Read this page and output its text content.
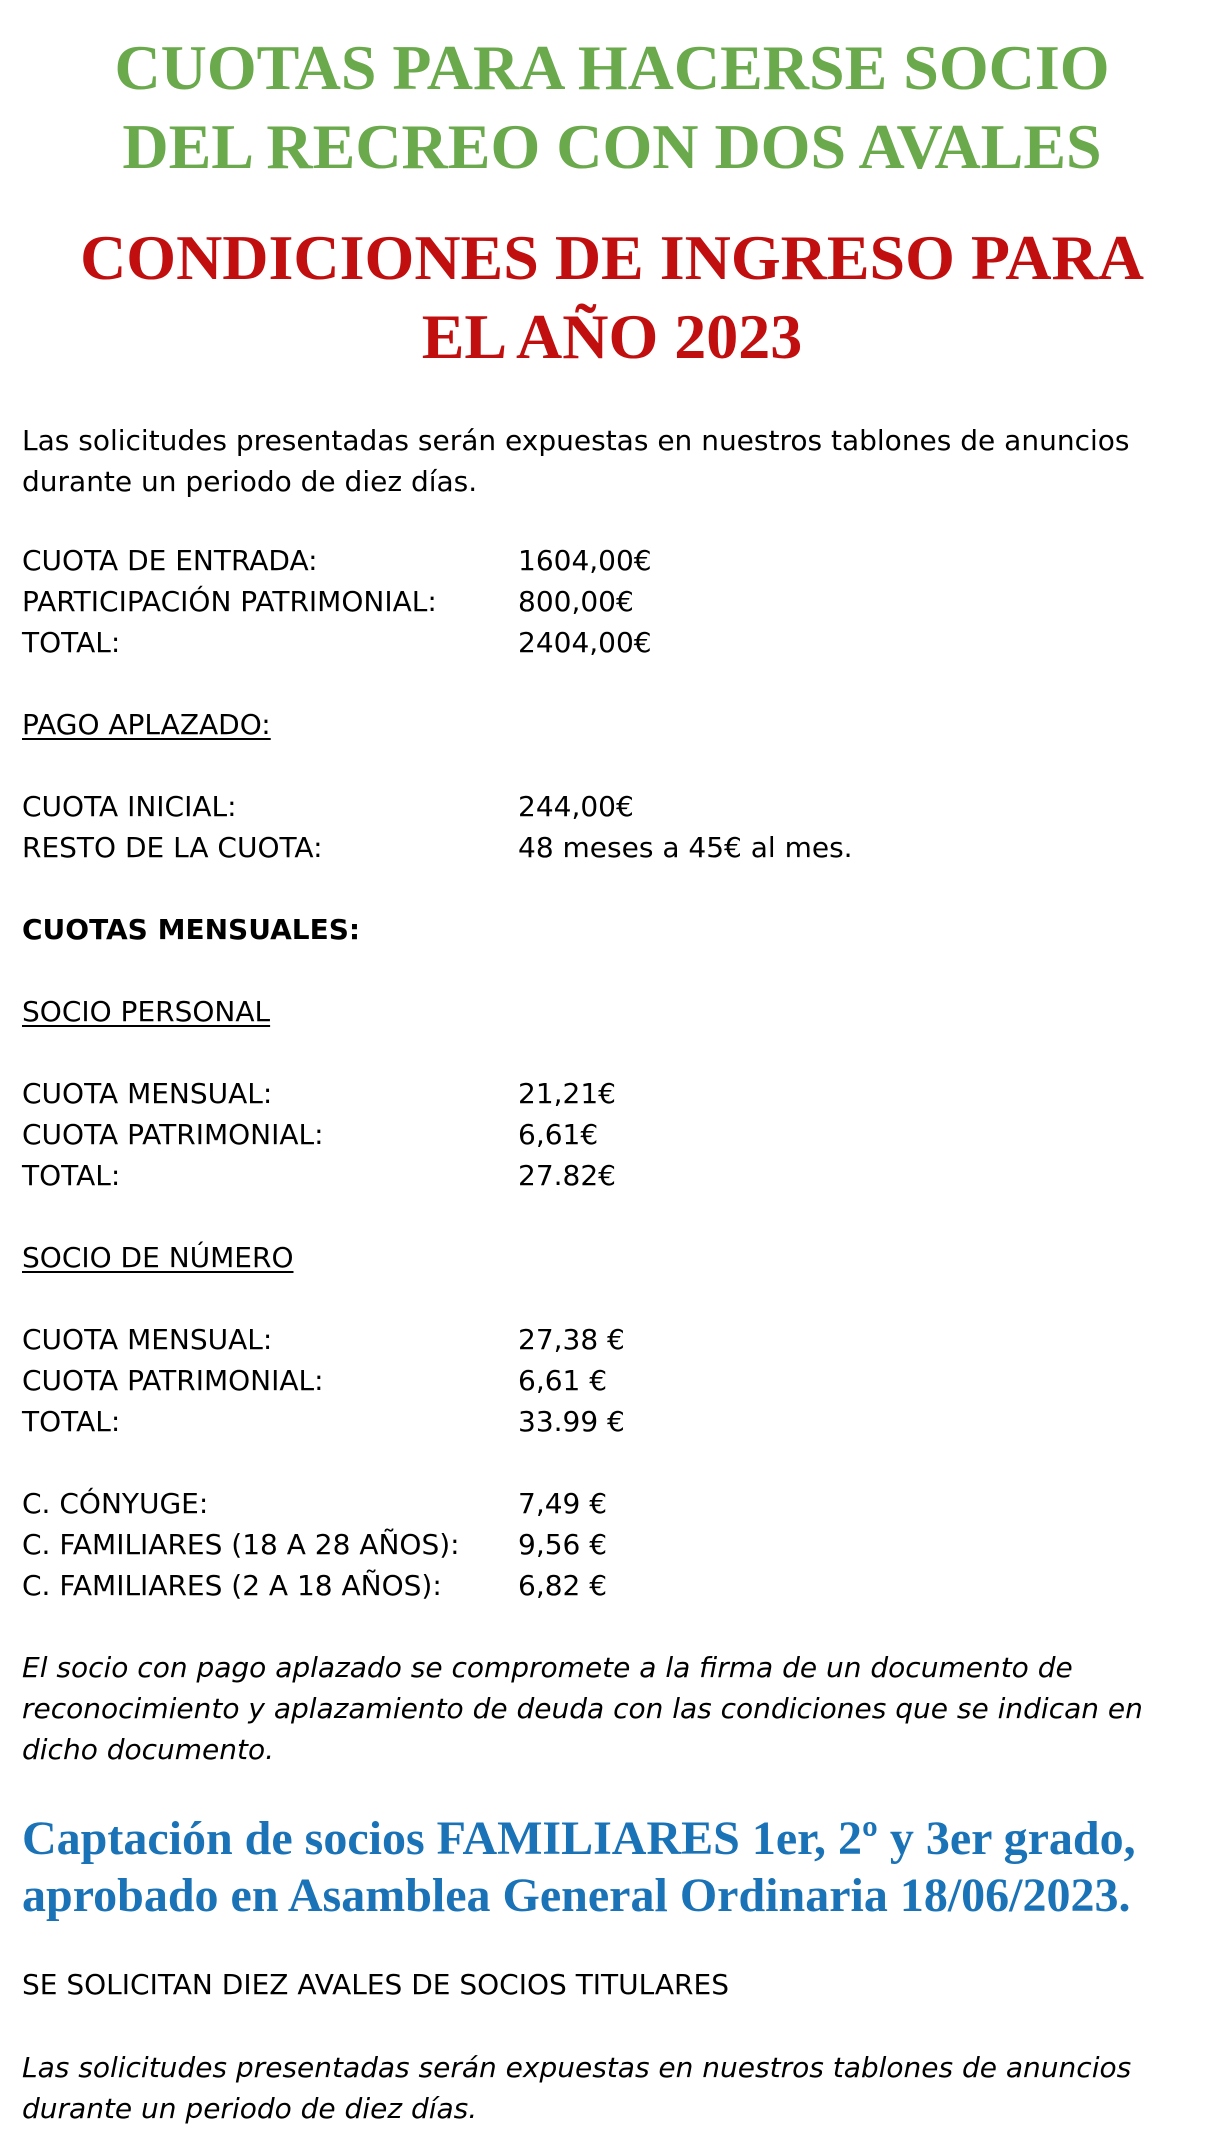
CUOTAS PARA HACERSE SOCIO
DEL RECREO CON DOS AVALES
CONDICIONES DE INGRESO PARA
EL AÑO 2023

Las solicitudes presentadas serán expuestas en nuestros tablones de anuncios durante un periodo de diez días.

CUOTA DE ENTRADA:	1604,00€
PARTICIPACIÓN PATRIMONIAL:	800,00€
TOTAL:	2404,00€

PAGO APLAZADO:

CUOTA INICIAL:	244,00€
RESTO DE LA CUOTA:	48 meses a 45€ al mes.

CUOTAS MENSUALES:

SOCIO PERSONAL

CUOTA MENSUAL:	21,21€
CUOTA PATRIMONIAL:	6,61€
TOTAL:	27.82€

SOCIO DE NÚMERO

CUOTA MENSUAL:	27,38 €
CUOTA PATRIMONIAL:	6,61 €
TOTAL:	33.99 €
C. CÓNYUGE:	7,49 €
C. FAMILIARES (18 A 28 AÑOS): 9,56 €
C. FAMILIARES (2 A 18 AÑOS):	6,82 €

El socio con pago aplazado se compromete a la firma de un documento de reconocimiento y aplazamiento de deuda con las condiciones que se indican en dicho documento.

Captación de socios FAMILIARES 1er, 2º y 3er grado,
aprobado en Asamblea General Ordinaria 18/06/2023.

SE SOLICITAN DIEZ AVALES DE SOCIOS TITULARES

Las solicitudes presentadas serán expuestas en nuestros tablones de anuncios durante un periodo de diez días.
